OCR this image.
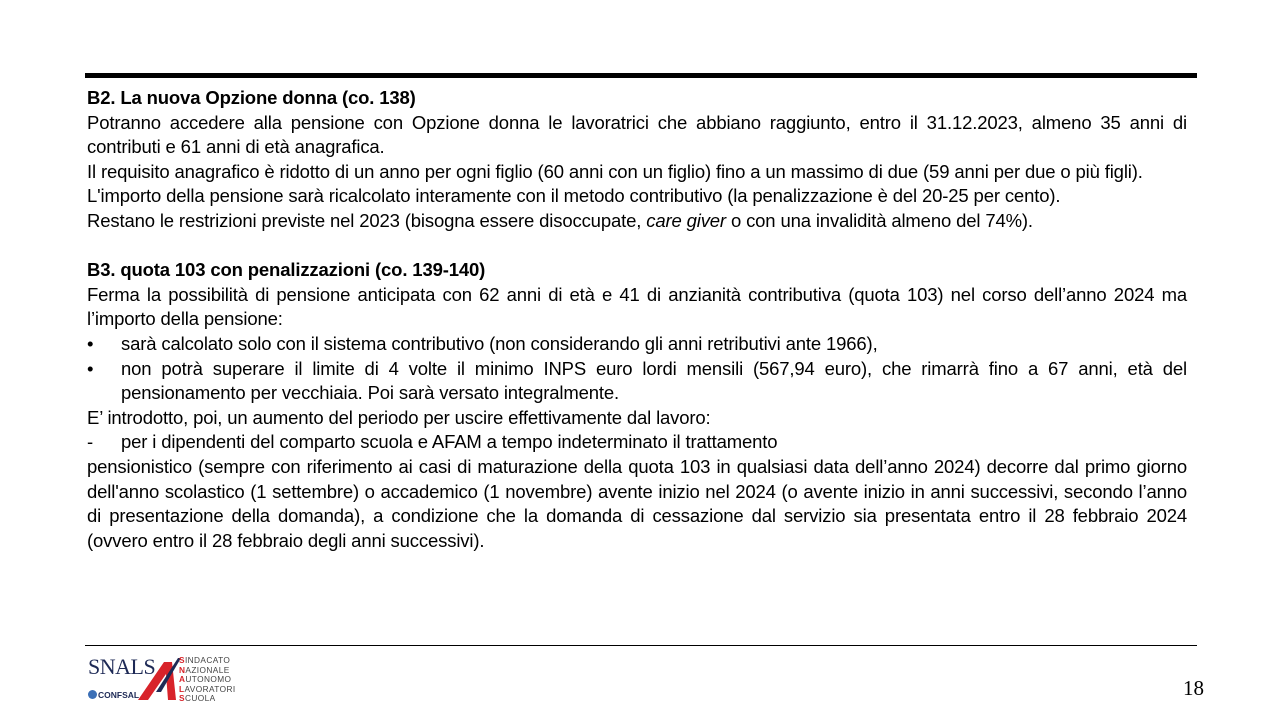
B2. La nuova Opzione donna (co. 138)

Potranno accedere alla pensione con Opzione donna le lavoratrici che abbiano raggiunto, entro il 31.12.2023, almeno 35 anni di contributi e 61 anni di età anagrafica.

Il requisito anagrafico è ridotto di un anno per ogni figlio (60 anni con un figlio) fino a un massimo di due (59 anni per due o più figli).

L'importo della pensione sarà ricalcolato interamente con il metodo contributivo (la penalizzazione è del 20-25 per cento).

Restano le restrizioni previste nel 2023 (bisogna essere disoccupate, care giver o con una invalidità almeno del 74%).

B3. quota 103 con penalizzazioni (co. 139-140)

Ferma la possibilità di pensione anticipata con 62 anni di età e 41 di anzianità contributiva (quota 103) nel corso dell’anno 2024 ma l’importo della pensione:

•	sarà calcolato solo con il sistema contributivo (non considerando gli anni retributivi ante 1966),
•	non potrà superare il limite di 4 volte il minimo INPS euro lordi mensili (567,94 euro), che rimarrà fino a 67 anni, età del pensionamento per vecchiaia. Poi sarà versato integralmente.

E’ introdotto, poi, un aumento del periodo per uscire effettivamente dal lavoro:

-	per i dipendenti del comparto scuola e AFAM a tempo indeterminato il trattamento

pensionistico (sempre con riferimento ai casi di maturazione della quota 103 in qualsiasi data dell’anno 2024) decorre dal primo giorno dell'anno scolastico (1 settembre) o accademico (1 novembre) avente inizio nel 2024 (o avente inizio in anni successivi, secondo l’anno di presentazione della domanda), a condizione che la domanda di cessazione dal servizio sia presentata entro il 28 febbraio 2024 (ovvero entro il 28 febbraio degli anni successivi).

SNALS
CONFSAL
SINDACATO
NAZIONALE
AUTONOMO
LAVORATORI
SCUOLA	18
